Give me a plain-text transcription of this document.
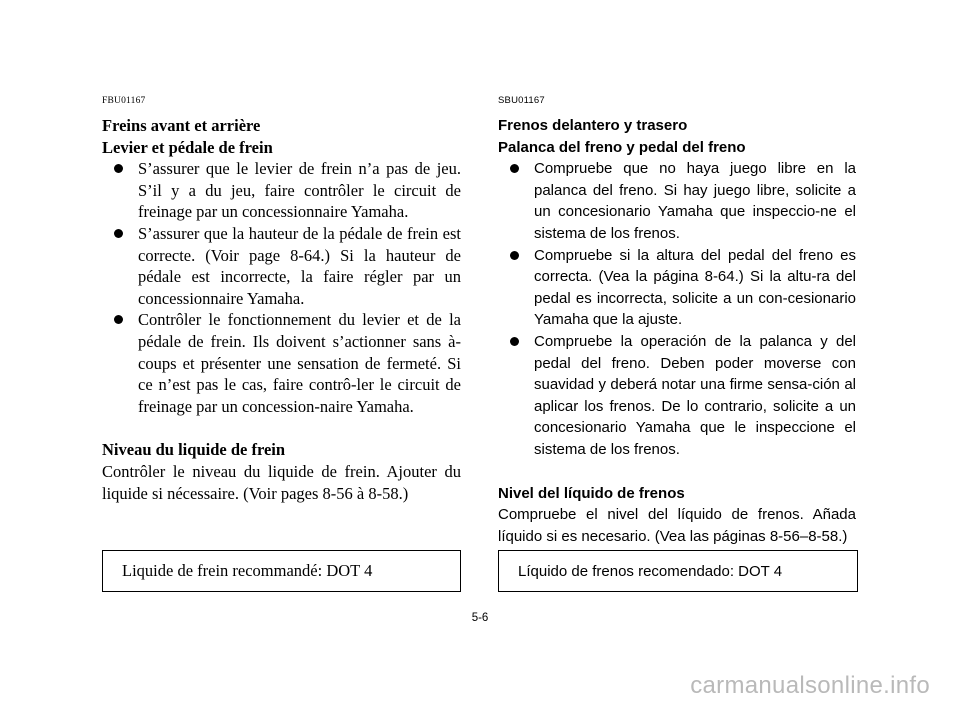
FBU01167
Freins avant et arrière
Levier et pédale de frein
S’assurer que le levier de frein n’a pas de jeu. S’il y a du jeu, faire contrôler le circuit de freinage par un concessionnaire Yamaha.
S’assurer que la hauteur de la pédale de frein est correcte. (Voir page 8-64.) Si la hauteur de pédale est incorrecte, la faire régler par un concessionnaire Yamaha.
Contrôler le fonctionnement du levier et de la pédale de frein. Ils doivent s’actionner sans à-coups et présenter une sensation de fermeté. Si ce n’est pas le cas, faire contrô-ler le circuit de freinage par un concession-naire Yamaha.
Niveau du liquide de frein
Contrôler le niveau du liquide de frein. Ajouter du liquide si nécessaire. (Voir pages 8-56 à 8-58.)
SBU01167
Frenos delantero y trasero
Palanca del freno y pedal del freno
Compruebe que no haya juego libre en la palanca del freno. Si hay juego libre, solicite a un concesionario Yamaha que inspeccio-ne el sistema de los frenos.
Compruebe si la altura del pedal del freno es correcta. (Vea la página 8-64.) Si la altu-ra del pedal es incorrecta, solicite a un con-cesionario Yamaha que la ajuste.
Compruebe la operación de la palanca y del pedal del freno. Deben poder moverse con suavidad y deberá notar una firme sensa-ción al aplicar los frenos. De lo contrario, solicite a un concesionario Yamaha que le inspeccione el sistema de los frenos.
Nivel del líquido de frenos
Compruebe el nivel del líquido de frenos. Añada líquido si es necesario. (Vea las páginas 8-56–8-58.)
Liquide de frein recommandé: DOT 4	Líquido de frenos recomendado: DOT 4
5-6
carmanualsonline.info
